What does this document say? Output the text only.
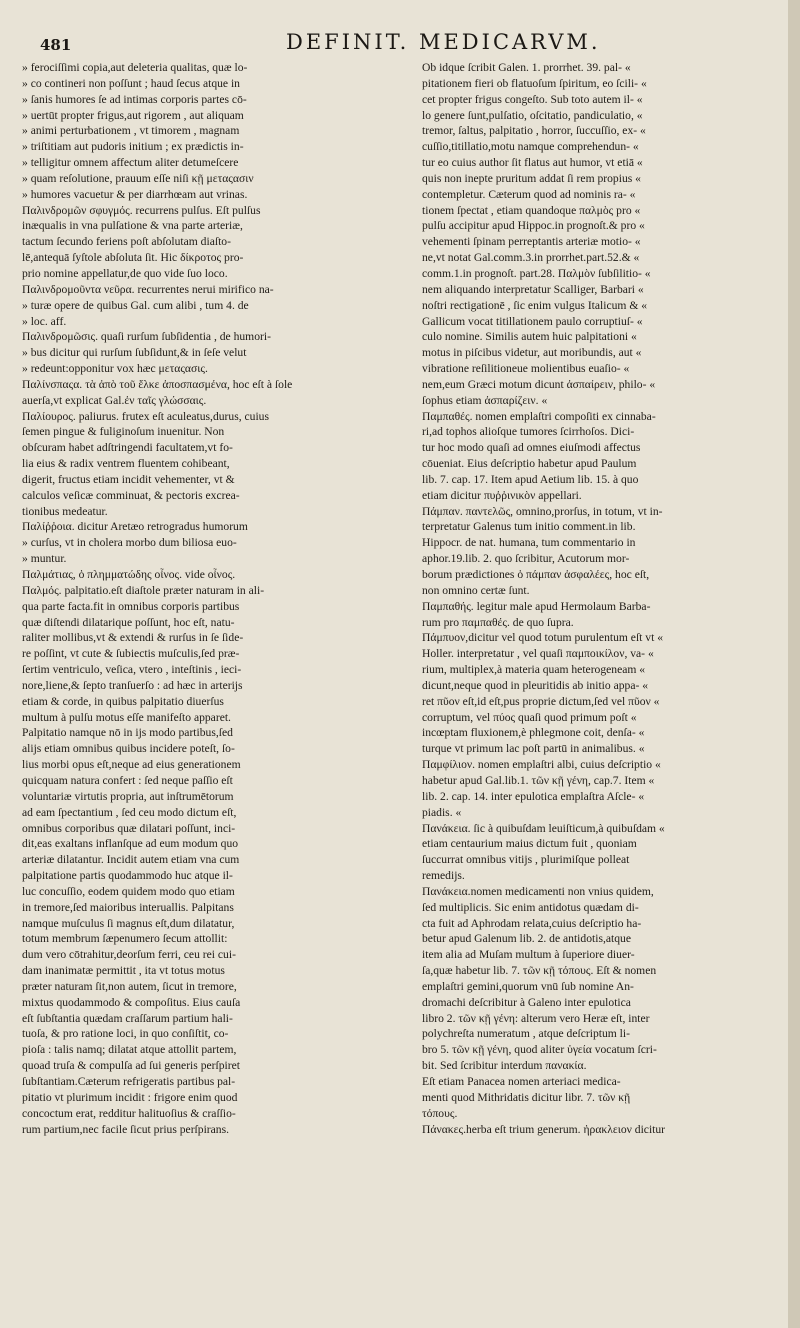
481	DEFINIT. MEDICARVM.
» ferociſſimi copia,aut deleteria qualitas, quæ lo-
» co contineri non poſſunt ; haud ſecus atque in
» ſanis humores ſe ad intimas corporis partes cō-
» uertūt propter frigus,aut rigorem , aut aliquam
» animi perturbationem , vt timorem , magnam
» triſtitiam aut pudoris initium ; ex prædictis in-
» telligitur omnem affectum aliter detumeſcere
» quam reſolutione, prauum eſſe niſi κῇ μεταςασιν
» humores vacuetur & per diarrhœam aut vrinas.
Παλινδρομῶν σφυγμός. recurrens pulſus. Eſt pulſus
inæqualis in vna pulſatione & vna parte arteriæ,
tactum ſecundo feriens poſt abſolutam diaſto-
lē,antequā ſyſtole abſoluta ſit. Hic δίκροτος pro-
prio nomine appellatur,de quo vide ſuo loco.
Παλινδρομοῦντα νεῦρα. recurrentes nerui mirifico na-
» turæ opere de quibus Gal. cum alibi , tum 4. de
» loc. aff.
Παλινδρομῶσις. quaſi rurſum ſubſidentia , de humori-
» bus dicitur qui rurſum ſubſidunt,& in ſeſe velut
» redeunt:opponitur vox hæc μεταςασις.
Παλίνσπαςα. τὰ ἀπὸ τοῦ ἕλκε ἀποσπασμένα, hoc eſt à ſole
auerſa,vt explicat Gal.ἐν ταῖς γλώσσαις.
Παλίουρος. paliurus. frutex eſt aculeatus,durus, cuius
ſemen pingue & fuliginoſum inuenitur. Non
obſcuram habet adſtringendi facultatem,vt fo-
lia eius & radix ventrem fluentem cohibeant,
digerit, fructus etiam incidit vehementer, vt &
calculos veſicæ comminuat, & pectoris excrea-
tionibus medeatur.
Παλίῤῥοια. dicitur Aretæo retrogradus humorum
» curſus, vt in cholera morbo dum biliosa euo-
» muntur.
Παλμάτιας, ὁ πλημματώδης οἶνος. vide οἶνος.
Παλμός. palpitatio.eſt diaſtole præter naturam in ali-
qua parte facta.fit in omnibus corporis partibus
quæ diſtendi dilatarique poſſunt, hoc eſt, natu-
raliter mollibus,vt & extendi & rurſus in ſe ſide-
re poſſint, vt cute & ſubiectis muſculis,ſed præ-
ſertim ventriculo, veſica, vtero , inteſtinis , ieci-
nore,liene,& ſepto tranſuerſo : ad hæc in arterijs
etiam & corde, in quibus palpitatio diuerſus
multum à pulſu motus eſſe manifeſto apparet.
Palpitatio namque nō in ijs modo partibus,ſed
alijs etiam omnibus quibus incidere poteſt, ſo-
lius morbi opus eſt,neque ad eius generationem
quicquam natura confert : ſed neque paſſio eſt
voluntariæ virtutis propria, aut inſtrumētorum
ad eam ſpectantium , ſed ceu modo dictum eſt,
omnibus corporibus quæ dilatari poſſunt, inci-
dit,eas exaltans inflanſque ad eum modum quo
arteriæ dilatantur. Incidit autem etiam vna cum
palpitatione partis quodammodo huc atque il-
luc concuſſio, eodem quidem modo quo etiam
in tremore,ſed maioribus interuallis. Palpitans
namque muſculus ſi magnus eſt,dum dilatatur,
totum membrum ſæpenumero ſecum attollit:
dum vero cōtrahitur,deorſum ferri, ceu rei cui-
dam inanimatæ permittit , ita vt totus motus
præter naturam ſit,non autem, ſicut in tremore,
mixtus quodammodo & compoſitus. Eius cauſa
eſt ſubſtantia quædam craſſarum partium hali-
tuoſa, & pro ratione loci, in quo conſiſtit, co-
pioſa : talis namq; dilatat atque attollit partem,
quoad truſa & compulſa ad ſui generis perſpiret
ſubſtantiam.Cæterum refrigeratis partibus pal-
pitatio vt plurimum incidit : frigore enim quod
concoctum erat, redditur halituoſius & craſſio-
rum partium,nec facile ſicut prius perſpirans.
Ob idque ſcribit Galen. 1. prorrhet. 39. pal- «
pitationem fieri ob flatuoſum ſpiritum, eo ſcili- «
cet propter frigus congeſto. Sub toto autem il- «
lo genere ſunt,pulſatio, oſcitatio, pandiculatio, «
tremor, ſaltus, palpitatio , horror, ſuccuſſio, ex- «
cuſſio,titillatio,motu namque comprehendun- «
tur eo cuius author ſit flatus aut humor, vt etiā «
quis non inepte pruritum addat ſi rem propius «
contempletur. Cæterum quod ad nominis ra- «
tionem ſpectat , etiam quandoque παλμὸς pro «
pulſu accipitur apud Hippoc.in prognoſt.& pro «
vehementi ſpinam perreptantis arteriæ motio- «
ne,vt notat Gal.comm.3.in prorrhet.part.52.& «
comm.1.in prognoſt. part.28. Παλμὸν ſubſilitio- «
nem aliquando interpretatur Scalliger, Barbari «
noſtri rectigationē , ſic enim vulgus Italicum & «
Gallicum vocat titillationem paulo corruptiuſ- «
culo nomine. Similis autem huic palpitationi «
motus in piſcibus videtur, aut moribundis, aut «
vibratione reſilitioneue molientibus euaſio- «
nem,eum Græci motum dicunt ἀσπαίρειν, philo- «
ſophus etiam ἀσπαρίζειν. «
Παμπαθές. nomen emplaſtri compoſiti ex cinnaba-
ri,ad tophos alioſque tumores ſcirrhoſos. Dici-
tur hoc modo quaſi ad omnes eiuſmodi affectus
cōueniat. Eius deſcriptio habetur apud Paulum
lib. 7. cap. 17. Item apud Aetium lib. 15. à quo
etiam dicitur πυῤῥινικὸν appellari.
Πάμπαν. παντελῶς, omnino,prorſus, in totum, vt in-
terpretatur Galenus tum initio comment.in lib.
Hippocr. de nat. humana, tum commentario in
aphor.19.lib. 2. quo ſcribitur, Acutorum mor-
borum prædictiones ὁ πάμπαν ἀσφαλέες, hoc eſt,
non omnino certæ ſunt.
Παμπαθής. legitur male apud Hermolaum Barba-
rum pro παμπαθές. de quo ſupra.
Πάμπυον,dicitur vel quod totum purulentum eſt vt «
Holler. interpretatur , vel quaſi παμποικίλον, va- «
rium, multiplex,à materia quam heterogeneam «
dicunt,neque quod in pleuritidis ab initio appa- «
ret πῦον eſt,id eſt,pus proprie dictum,ſed vel πῦον «
corruptum, vel πύος quaſi quod primum poſt «
incœptam fluxionem,è phlegmone coit, denſa- «
turque vt primum lac poſt partū in animalibus. «
Παμφίλιον. nomen emplaſtri albi, cuius deſcriptio «
habetur apud Gal.lib.1. τῶν κῇ γένη, cap.7. Item «
lib. 2. cap. 14. inter epulotica emplaſtra Aſcle- «
piadis. «
Πανάκεια. ſic à quibuſdam leuiſticum,à quibuſdam «
etiam centaurium maius dictum fuit , quoniam
ſuccurrat omnibus vitijs , plurimiſque polleat
remedijs.
Πανάκεια.nomen medicamenti non vnius quidem,
ſed multiplicis. Sic enim antidotus quædam di-
cta fuit ad Aphrodam relata,cuius deſcriptio ha-
betur apud Galenum lib. 2. de antidotis,atque
item alia ad Muſam multum à ſuperiore diuer-
ſa,quæ habetur lib. 7. τῶν κῇ τόπους. Eſt & nomen
emplaſtri gemini,quorum vnū ſub nomine An-
dromachi deſcribitur à Galeno inter epulotica
libro 2. τῶν κῇ γένη: alterum vero Heræ eſt, inter
polychreſta numeratum , atque deſcriptum li-
bro 5. τῶν κῇ γένη, quod aliter ὑγεία vocatum ſcri-
bit. Sed ſcribitur interdum πανακία.
Eſt etiam Panacea nomen arteriaci medica-
menti quod Mithridatis dicitur libr. 7. τῶν κῇ
τόπους.
Πάνακες.herba eſt trium generum. ἡρακλειον dicitur
